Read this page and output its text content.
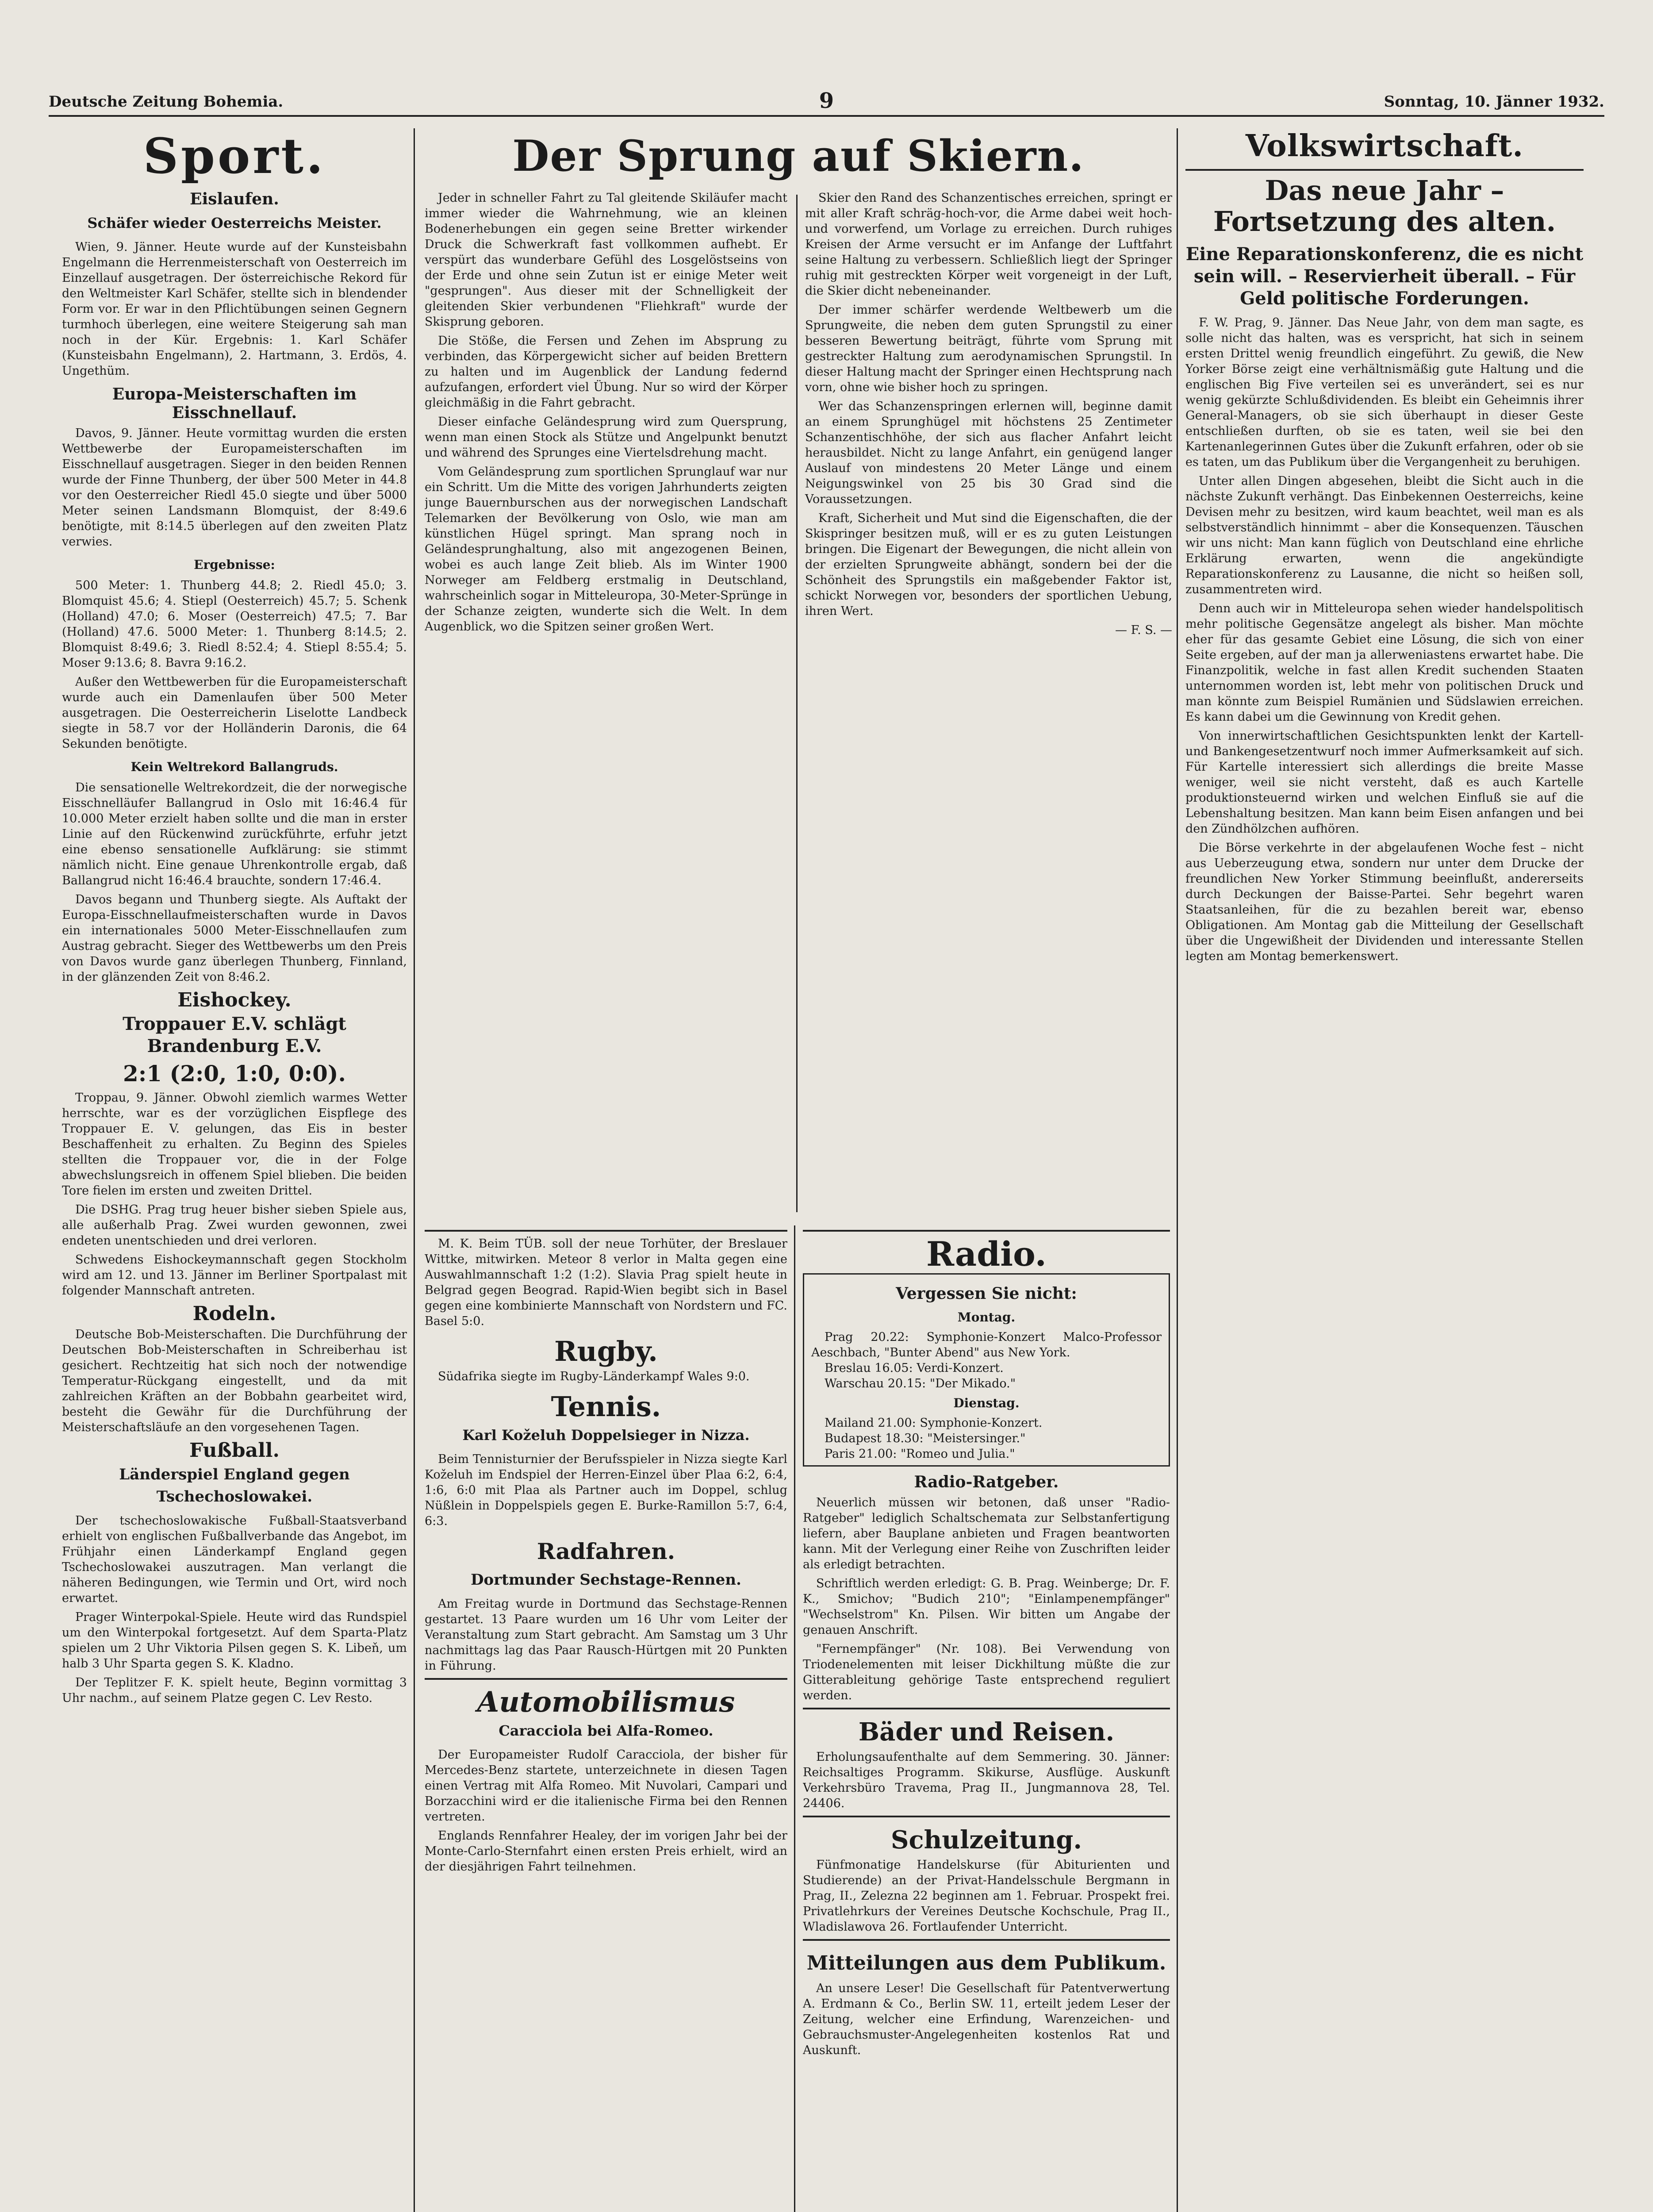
Deutsche Zeitung Bohemia.	9	Sonntag, 10. Jänner 1932.
Sport.
Eislaufen.
Schäfer wieder Oesterreichs Meister.

Wien, 9. Jänner. Heute wurde auf der Kunsteisbahn Engelmann die Herrenmeisterschaft von Oesterreich im Einzellauf ausgetragen. Der österreichische Rekord für den Weltmeister Karl Schäfer, stellte sich in blendender Form vor. Er war in den Pflichtübungen seinen Gegnern turmhoch überlegen, eine weitere Steigerung sah man noch in der Kür. Ergebnis: 1. Karl Schäfer (Kunsteisbahn Engelmann), 2. Hartmann, 3. Erdös, 4. Ungethüm.

Europa-Meisterschaften im Eisschnellauf.

Davos, 9. Jänner. Heute vormittag wurden die ersten Wettbewerbe der Europameisterschaften im Eisschnellauf ausgetragen. Sieger in den beiden Rennen wurde der Finne Thunberg, der über 500 Meter in 44.8 vor den Oesterreicher Riedl 45.0 siegte und über 5000 Meter seinen Landsmann Blomquist, der 8:49.6 benötigte, mit 8:14.5 überlegen auf den zweiten Platz verwies.

Ergebnisse:

500 Meter: 1. Thunberg 44.8; 2. Riedl 45.0; 3. Blomquist 45.6; 4. Stiepl (Oesterreich) 45.7; 5. Schenk (Holland) 47.0; 6. Moser (Oesterreich) 47.5; 7. Bar (Holland) 47.6. 5000 Meter: 1. Thunberg 8:14.5; 2. Blomquist 8:49.6; 3. Riedl 8:52.4; 4. Stiepl 8:55.4; 5. Moser 9:13.6; 8. Bavra 9:16.2.

Außer den Wettbewerben für die Europameisterschaft wurde auch ein Damenlaufen über 500 Meter ausgetragen. Die Oesterreicherin Liselotte Landbeck siegte in 58.7 vor der Holländerin Daronis, die 64 Sekunden benötigte.

Kein Weltrekord Ballangruds.

Die sensationelle Weltrekordzeit, die der norwegische Eisschnelläufer Ballangrud in Oslo mit 16:46.4 für 10.000 Meter erzielt haben sollte und die man in erster Linie auf den Rückenwind zurückführte, erfuhr jetzt eine ebenso sensationelle Aufklärung: sie stimmt nämlich nicht. Eine genaue Uhrenkontrolle ergab, daß Ballangrud nicht 16:46.4 brauchte, sondern 17:46.4.

Davos begann und Thunberg siegte. Als Auftakt der Europa-Eisschnellaufmeisterschaften wurde in Davos ein internationales 5000 Meter-Eisschnellaufen zum Austrag gebracht. Sieger des Wettbewerbs um den Preis von Davos wurde ganz überlegen Thunberg, Finnland, in der glänzenden Zeit von 8:46.2.

Eishockey.
Troppauer E.V. schlägt Brandenburg E.V.
2:1 (2:0, 1:0, 0:0).

Troppau, 9. Jänner. Obwohl ziemlich warmes Wetter herrschte, war es der vorzüglichen Eispflege des Troppauer E. V. gelungen, das Eis in bester Beschaffenheit zu erhalten. Zu Beginn des Spieles stellten die Troppauer vor, die in der Folge abwechslungsreich in offenem Spiel blieben. Die beiden Tore fielen im ersten und zweiten Drittel.

Die DSHG. Prag trug heuer bisher sieben Spiele aus, alle außerhalb Prag. Zwei wurden gewonnen, zwei endeten unentschieden und drei verloren.

Schwedens Eishockeymannschaft gegen Stockholm wird am 12. und 13. Jänner im Berliner Sportpalast mit folgender Mannschaft antreten.

Rodeln.

Deutsche Bob-Meisterschaften. Die Durchführung der Deutschen Bob-Meisterschaften in Schreiberhau ist gesichert. Rechtzeitig hat sich noch der notwendige Temperatur-Rückgang eingestellt, und da mit zahlreichen Kräften an der Bobbahn gearbeitet wird, besteht die Gewähr für die Durchführung der Meisterschaftsläufe an den vorgesehenen Tagen.

Fußball.
Länderspiel England gegen Tschechoslowakei.

Der tschechoslowakische Fußball-Staatsverband erhielt von englischen Fußballverbande das Angebot, im Frühjahr einen Länderkampf England gegen Tschechoslowakei auszutragen. Man verlangt die näheren Bedingungen, wie Termin und Ort, wird noch erwartet.

Prager Winterpokal-Spiele. Heute wird das Rundspiel um den Winterpokal fortgesetzt. Auf dem Sparta-Platz spielen um 2 Uhr Viktoria Pilsen gegen S. K. Libeň, um halb 3 Uhr Sparta gegen S. K. Kladno.

Der Teplitzer F. K. spielt heute, Beginn vormittag 3 Uhr nachm., auf seinem Platze gegen C. Lev Resto.

Der Sprung auf Skiern.

Jeder in schneller Fahrt zu Tal gleitende Skiläufer macht immer wieder die Wahrnehmung, wie an kleinen Bodenerhebungen ein gegen seine Bretter wirkender Druck die Schwerkraft fast vollkommen aufhebt. Er verspürt das wunderbare Gefühl des Losgelöstseins von der Erde und ohne sein Zutun ist er einige Meter weit "gesprungen". Aus dieser mit der Schnelligkeit der gleitenden Skier verbundenen "Fliehkraft" wurde der Skisprung geboren.

Die Stöße, die Fersen und Zehen im Absprung zu verbinden, das Körpergewicht sicher auf beiden Brettern zu halten und im Augenblick der Landung federnd aufzufangen, erfordert viel Übung. Nur so wird der Körper gleichmäßig in die Fahrt gebracht.

Dieser einfache Geländesprung wird zum Quersprung, wenn man einen Stock als Stütze und Angelpunkt benutzt und während des Sprunges eine Viertelsdrehung macht.

Vom Geländesprung zum sportlichen Sprunglauf war nur ein Schritt. Um die Mitte des vorigen Jahrhunderts zeigten junge Bauernburschen aus der norwegischen Landschaft Telemarken der Bevölkerung von Oslo, wie man am künstlichen Hügel springt. Man sprang noch in Geländesprunghaltung, also mit angezogenen Beinen, wobei es auch lange Zeit blieb. Als im Winter 1900 Norweger am Feldberg erstmalig in Deutschland, wahrscheinlich sogar in Mitteleuropa, 30-Meter-Sprünge in der Schanze zeigten, wunderte sich die Welt. In dem Augenblick, wo die Spitzen seiner großen Wert.

Skier den Rand des Schanzentisches erreichen, springt er mit aller Kraft schräg-hoch-vor, die Arme dabei weit hoch- und vorwerfend, um Vorlage zu erreichen. Durch ruhiges Kreisen der Arme versucht er im Anfange der Luftfahrt seine Haltung zu verbessern. Schließlich liegt der Springer ruhig mit gestreckten Körper weit vorgeneigt in der Luft, die Skier dicht nebeneinander.

Der immer schärfer werdende Weltbewerb um die Sprungweite, die neben dem guten Sprungstil zu einer besseren Bewertung beiträgt, führte vom Sprung mit gestreckter Haltung zum aerodynamischen Sprungstil. In dieser Haltung macht der Springer einen Hechtsprung nach vorn, ohne wie bisher hoch zu springen.

Wer das Schanzenspringen erlernen will, beginne damit an einem Sprunghügel mit höchstens 25 Zentimeter Schanzentischhöhe, der sich aus flacher Anfahrt leicht herausbildet. Nicht zu lange Anfahrt, ein genügend langer Auslauf von mindestens 20 Meter Länge und einem Neigungswinkel von 25 bis 30 Grad sind die Voraussetzungen.

Kraft, Sicherheit und Mut sind die Eigenschaften, die der Skispringer besitzen muß, will er es zu guten Leistungen bringen. Die Eigenart der Bewegungen, die nicht allein von der erzielten Sprungweite abhängt, sondern bei der die Schönheit des Sprungstils ein maßgebender Faktor ist, schickt Norwegen vor, besonders der sportlichen Uebung, ihren Wert.

— F. S. —

M. K. Beim TÜB. soll der neue Torhüter, der Breslauer Wittke, mitwirken. Meteor 8 verlor in Malta gegen eine Auswahlmannschaft 1:2 (1:2). Slavia Prag spielt heute in Belgrad gegen Beograd. Rapid-Wien begibt sich in Basel gegen eine kombinierte Mannschaft von Nordstern und FC. Basel 5:0.

Rugby.

Südafrika siegte im Rugby-Länderkampf Wales 9:0.

Tennis.
Karl Koželuh Doppelsieger in Nizza.

Beim Tennisturnier der Berufsspieler in Nizza siegte Karl Koželuh im Endspiel der Herren-Einzel über Plaa 6:2, 6:4, 1:6, 6:0 mit Plaa als Partner auch im Doppel, schlug Nüßlein in Doppelspiels gegen E. Burke-Ramillon 5:7, 6:4, 6:3.

Radfahren.
Dortmunder Sechstage-Rennen.

Am Freitag wurde in Dortmund das Sechstage-Rennen gestartet. 13 Paare wurden um 16 Uhr vom Leiter der Veranstaltung zum Start gebracht. Am Samstag um 3 Uhr nachmittags lag das Paar Rausch-Hürtgen mit 20 Punkten in Führung.

Automobilismus
Caracciola bei Alfa-Romeo.

Der Europameister Rudolf Caracciola, der bisher für Mercedes-Benz startete, unterzeichnete in diesen Tagen einen Vertrag mit Alfa Romeo. Mit Nuvolari, Campari und Borzacchini wird er die italienische Firma bei den Rennen vertreten.

Englands Rennfahrer Healey, der im vorigen Jahr bei der Monte-Carlo-Sternfahrt einen ersten Preis erhielt, wird an der diesjährigen Fahrt teilnehmen.

Radio.
Vergessen Sie nicht:
Montag.

Prag 20.22: Symphonie-Konzert Malco-Professor Aeschbach, "Bunter Abend" aus New York.

Breslau 16.05: Verdi-Konzert.

Warschau 20.15: "Der Mikado."

Dienstag.

Mailand 21.00: Symphonie-Konzert.

Budapest 18.30: "Meistersinger."

Paris 21.00: "Romeo und Julia."

Radio-Ratgeber.

Neuerlich müssen wir betonen, daß unser "Radio-Ratgeber" lediglich Schaltschemata zur Selbstanfertigung liefern, aber Bauplane anbieten und Fragen beantworten kann. Mit der Verlegung einer Reihe von Zuschriften leider als erledigt betrachten.

Schriftlich werden erledigt: G. B. Prag. Weinberge; Dr. F. K., Smichov; "Budich 210"; "Einlampenempfänger" "Wechselstrom" Kn. Pilsen. Wir bitten um Angabe der genauen Anschrift.

"Fernempfänger" (Nr. 108). Bei Verwendung von Triodenelementen mit leiser Dickhiltung müßte die zur Gitterableitung gehörige Taste entsprechend reguliert werden.

Bäder und Reisen.

Erholungsaufenthalte auf dem Semmering. 30. Jänner: Reichsaltiges Programm. Skikurse, Ausflüge. Auskunft Verkehrsbüro Travema, Prag II., Jungmannova 28, Tel. 24406.

Schulzeitung.

Fünfmonatige Handelskurse (für Abiturienten und Studierende) an der Privat-Handelsschule Bergmann in Prag, II., Zelezna 22 beginnen am 1. Februar. Prospekt frei. Privatlehrkurs der Vereines Deutsche Kochschule, Prag II., Wladislawova 26. Fortlaufender Unterricht.

Mitteilungen aus dem Publikum.

An unsere Leser! Die Gesellschaft für Patentverwertung A. Erdmann & Co., Berlin SW. 11, erteilt jedem Leser der Zeitung, welcher eine Erfindung, Warenzeichen- und Gebrauchsmuster-Angelegenheiten kostenlos Rat und Auskunft.

Volkswirtschaft.
Das neue Jahr – Fortsetzung des alten.
Eine Reparationskonferenz, die es nicht sein will. – Reservierheit überall. – Für Geld politische Forderungen.

F. W. Prag, 9. Jänner. Das Neue Jahr, von dem man sagte, es solle nicht das halten, was es verspricht, hat sich in seinem ersten Drittel wenig freundlich eingeführt. Zu gewiß, die New Yorker Börse zeigt eine verhältnismäßig gute Haltung und die englischen Big Five verteilen sei es unverändert, sei es nur wenig gekürzte Schlußdividenden. Es bleibt ein Geheimnis ihrer General-Managers, ob sie sich überhaupt in dieser Geste entschließen durften, ob sie es taten, weil sie bei den Kartenanlegerinnen Gutes über die Zukunft erfahren, oder ob sie es taten, um das Publikum über die Vergangenheit zu beruhigen.

Unter allen Dingen abgesehen, bleibt die Sicht auch in die nächste Zukunft verhängt. Das Einbekennen Oesterreichs, keine Devisen mehr zu besitzen, wird kaum beachtet, weil man es als selbstverständlich hinnimmt – aber die Konsequenzen. Täuschen wir uns nicht: Man kann füglich von Deutschland eine ehrliche Erklärung erwarten, wenn die angekündigte Reparationskonferenz zu Lausanne, die nicht so heißen soll, zusammentreten wird.

Denn auch wir in Mitteleuropa sehen wieder handelspolitisch mehr politische Gegensätze angelegt als bisher. Man möchte eher für das gesamte Gebiet eine Lösung, die sich von einer Seite ergeben, auf der man ja allerweniastens erwartet habe. Die Finanzpolitik, welche in fast allen Kredit suchenden Staaten unternommen worden ist, lebt mehr von politischen Druck und man könnte zum Beispiel Rumänien und Südslawien erreichen. Es kann dabei um die Gewinnung von Kredit gehen.

Von innerwirtschaftlichen Gesichtspunkten lenkt der Kartell- und Bankengesetzentwurf noch immer Aufmerksamkeit auf sich. Für Kartelle interessiert sich allerdings die breite Masse weniger, weil sie nicht versteht, daß es auch Kartelle produktionsteuernd wirken und welchen Einfluß sie auf die Lebenshaltung besitzen. Man kann beim Eisen anfangen und bei den Zündhölzchen aufhören.

Die Börse verkehrte in der abgelaufenen Woche fest – nicht aus Ueberzeugung etwa, sondern nur unter dem Drucke der freundlichen New Yorker Stimmung beeinflußt, andererseits durch Deckungen der Baisse-Partei. Sehr begehrt waren Staatsanleihen, für die zu bezahlen bereit war, ebenso Obligationen. Am Montag gab die Mitteilung der Gesellschaft über die Ungewißheit der Dividenden und interessante Stellen legten am Montag bemerkenswert.
